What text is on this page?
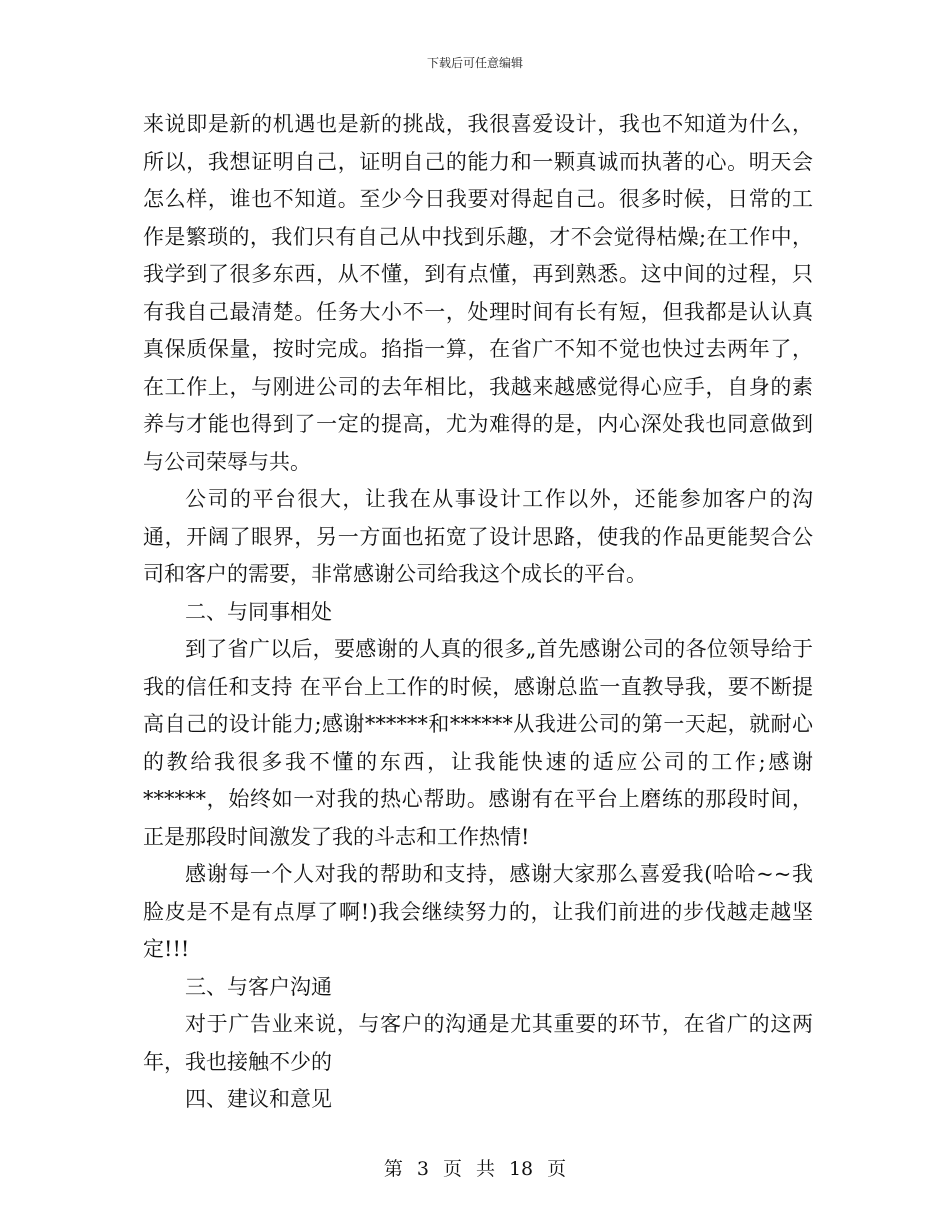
下载后可任意编辑

来说即是新的机遇也是新的挑战，我很喜爱设计，我也不知道为什么，所以，我想证明自己，证明自己的能力和一颗真诚而执著的心。明天会怎么样，谁也不知道。至少今日我要对得起自己。很多时候，日常的工作是繁琐的，我们只有自己从中找到乐趣，才不会觉得枯燥;在工作中，我学到了很多东西，从不懂，到有点懂，再到熟悉。这中间的过程，只有我自己最清楚。任务大小不一，处理时间有长有短，但我都是认认真真保质保量，按时完成。掐指一算，在省广不知不觉也快过去两年了，在工作上，与刚进公司的去年相比，我越来越感觉得心应手，自身的素养与才能也得到了一定的提高，尤为难得的是，内心深处我也同意做到与公司荣辱与共。

公司的平台很大，让我在从事设计工作以外，还能参加客户的沟通，开阔了眼界，另一方面也拓宽了设计思路，使我的作品更能契合公司和客户的需要，非常感谢公司给我这个成长的平台。

二、与同事相处

到了省广以后，要感谢的人真的很多„首先感谢公司的各位领导给于我的信任和支持 在平台上工作的时候，感谢总监一直教导我，要不断提高自己的设计能力;感谢******和******从我进公司的第一天起，就耐心的教给我很多我不懂的东西，让我能快速的适应公司的工作;感谢******，始终如一对我的热心帮助。感谢有在平台上磨练的那段时间，正是那段时间激发了我的斗志和工作热情!

感谢每一个人对我的帮助和支持，感谢大家那么喜爱我(哈哈~~我脸皮是不是有点厚了啊!)我会继续努力的，让我们前进的步伐越走越坚定!!!

三、与客户沟通

对于广告业来说，与客户的沟通是尤其重要的环节，在省广的这两年，我也接触不少的

四、建议和意见

第 3 页 共 18 页
